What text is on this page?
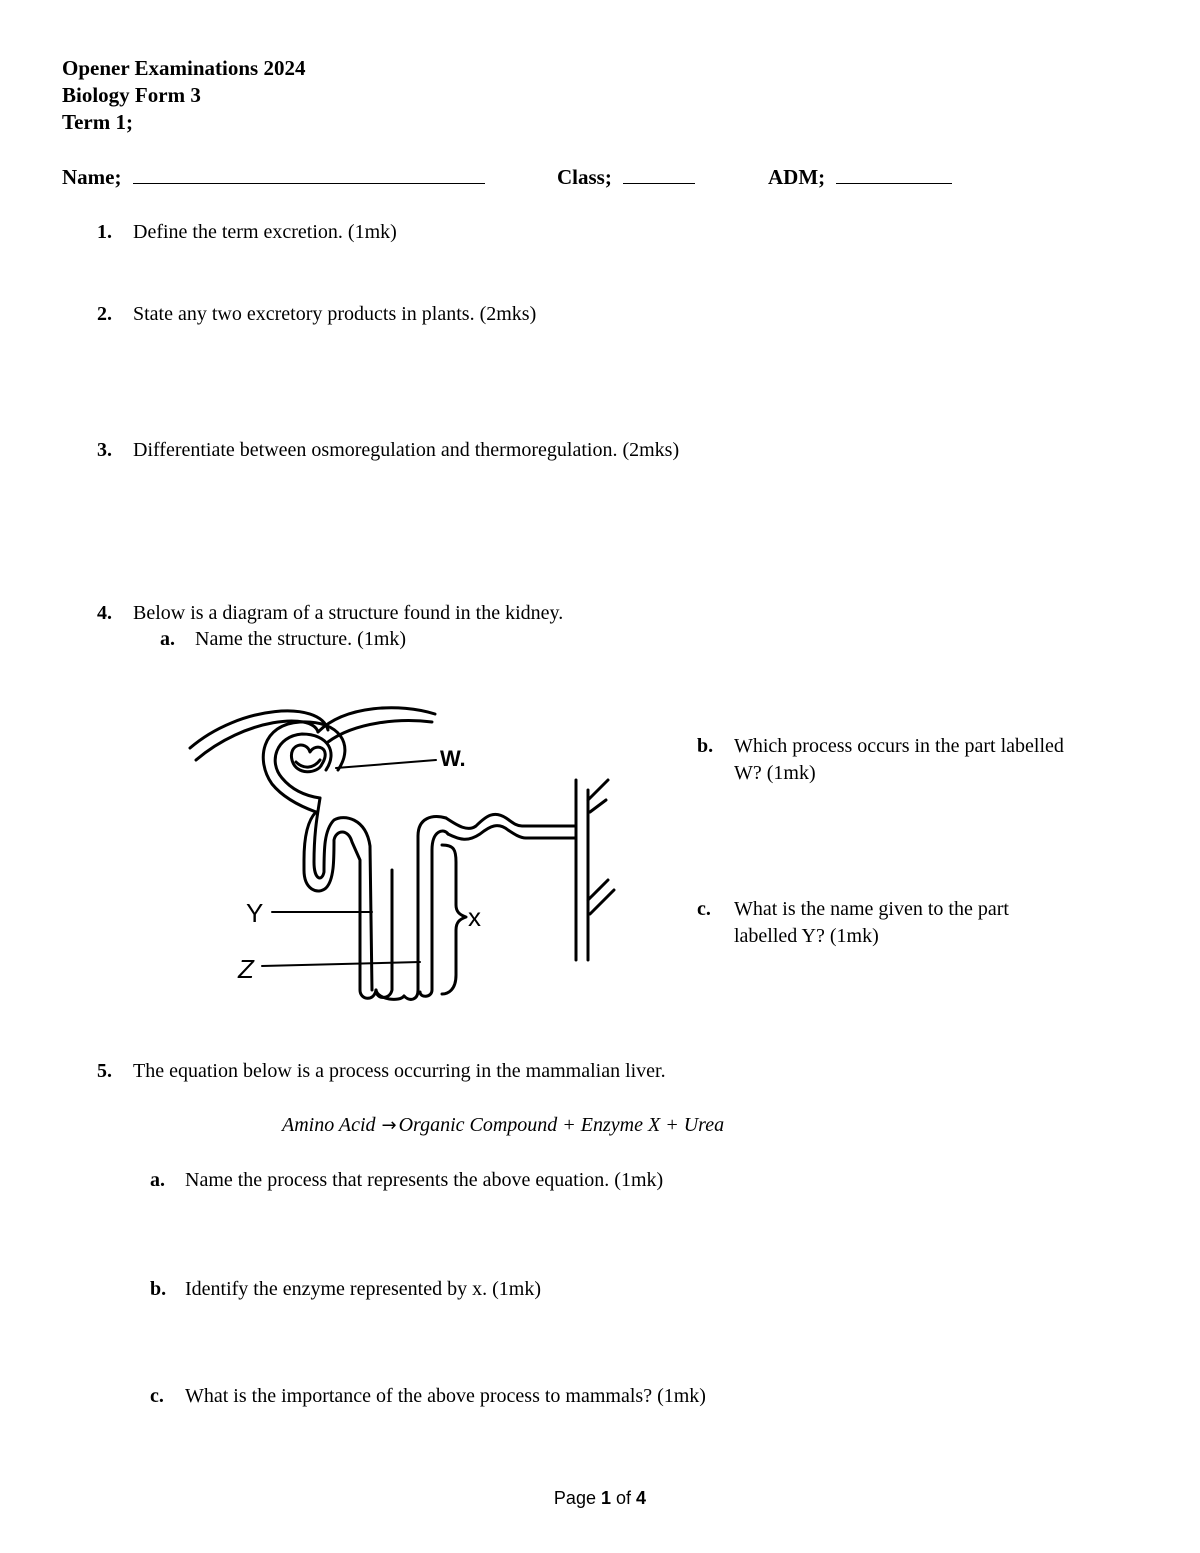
Opener Examinations 2024
Biology Form 3
Term 1;
Name;	Class;	ADM;
1. Define the term excretion. (1mk)
2. State any two excretory products in plants. (2mks)
3. Differentiate between osmoregulation and thermoregulation. (2mks)
4. Below is a diagram of a structure found in the kidney.
a. Name the structure. (1mk)
W.
x
Y
Z
b. Which process occurs in the part labelled
W? (1mk)
c. What is the name given to the part
labelled Y? (1mk)
5. The equation below is a process occurring in the mammalian liver.
Amino Acid → Organic Compound + Enzyme X + Urea
a. Name the process that represents the above equation. (1mk)
b. Identify the enzyme represented by x. (1mk)
c. What is the importance of the above process to mammals? (1mk)
Page 1 of 4
